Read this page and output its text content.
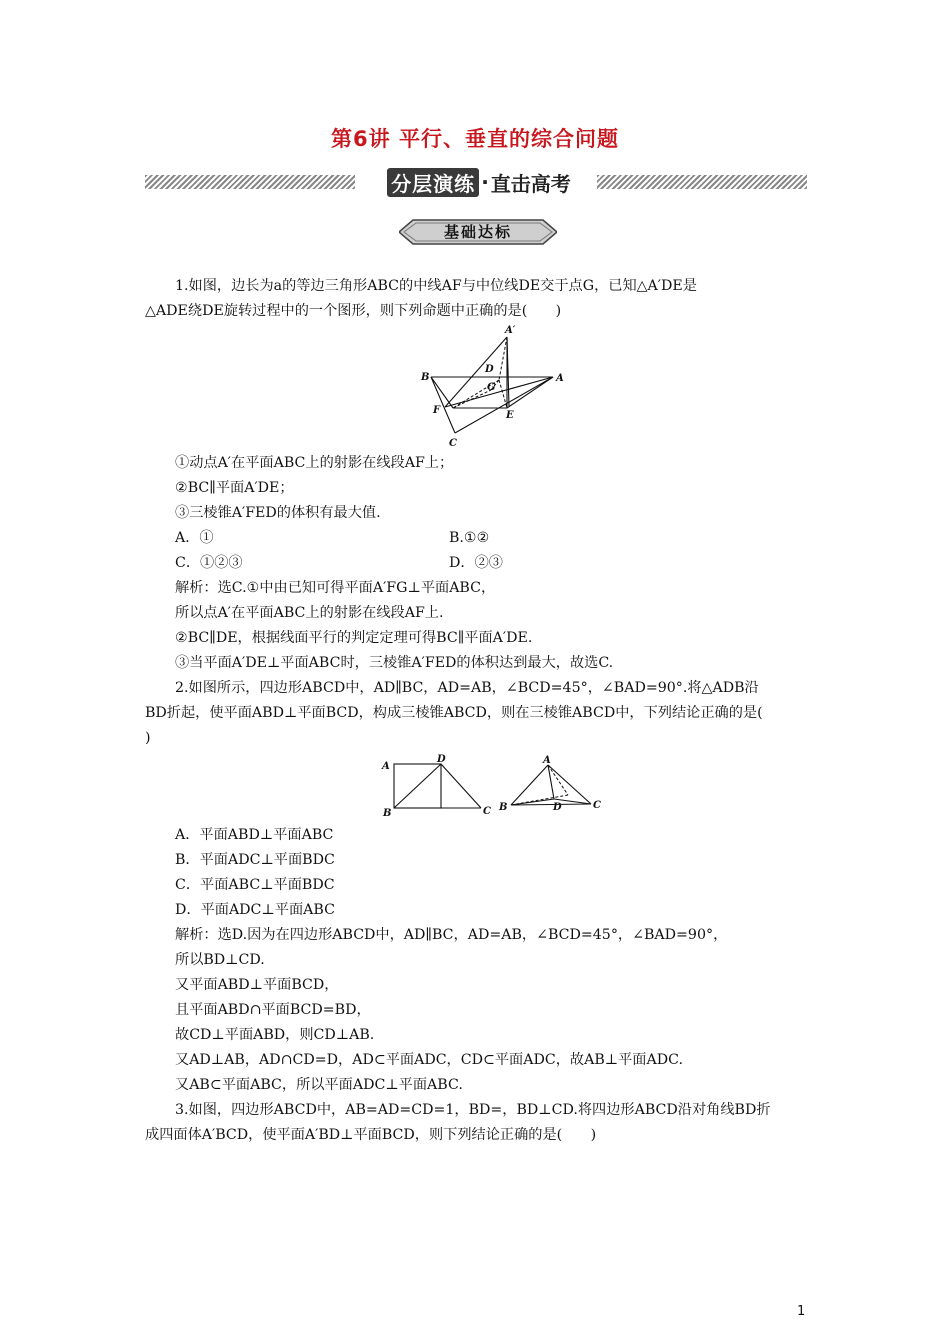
第6讲 平行、垂直的综合问题
分层演练 · 直击高考
基础达标
1.如图，边长为a的等边三角形ABC的中线AF与中位线DE交于点G，已知△A′DE是
△ADE绕DE旋转过程中的一个图形，则下列命题中正确的是(　　)
A′
B
D
G
A
F	E
C
①动点A′在平面ABC上的射影在线段AF上；
②BC∥平面A′DE；
③三棱锥A′FED的体积有最大值.
A．①	B.①②
C．①②③	D．②③
解析：选C.①中由已知可得平面A′FG⊥平面ABC，
所以点A′在平面ABC上的射影在线段AF上.
②BC∥DE，根据线面平行的判定定理可得BC∥平面A′DE.
③当平面A′DE⊥平面ABC时，三棱锥A′FED的体积达到最大，故选C.
2.如图所示，四边形ABCD中，AD∥BC，AD=AB，∠BCD=45°，∠BAD=90°.将△ADB沿
BD折起，使平面ABD⊥平面BCD，构成三棱锥ABCD，则在三棱锥ABCD中，下列结论正确的是(
)
A
D
B	C
A
B	D	C
A．平面ABD⊥平面ABC
B．平面ADC⊥平面BDC
C．平面ABC⊥平面BDC
D．平面ADC⊥平面ABC
解析：选D.因为在四边形ABCD中，AD∥BC，AD=AB，∠BCD=45°，∠BAD=90°，
所以BD⊥CD.
又平面ABD⊥平面BCD，
且平面ABD∩平面BCD=BD，
故CD⊥平面ABD，则CD⊥AB.
又AD⊥AB，AD∩CD=D，AD⊂平面ADC，CD⊂平面ADC，故AB⊥平面ADC.
又AB⊂平面ABC，所以平面ADC⊥平面ABC.
3.如图，四边形ABCD中，AB=AD=CD=1，BD=，BD⊥CD.将四边形ABCD沿对角线BD折
成四面体A′BCD，使平面A′BD⊥平面BCD，则下列结论正确的是(　　)
1
